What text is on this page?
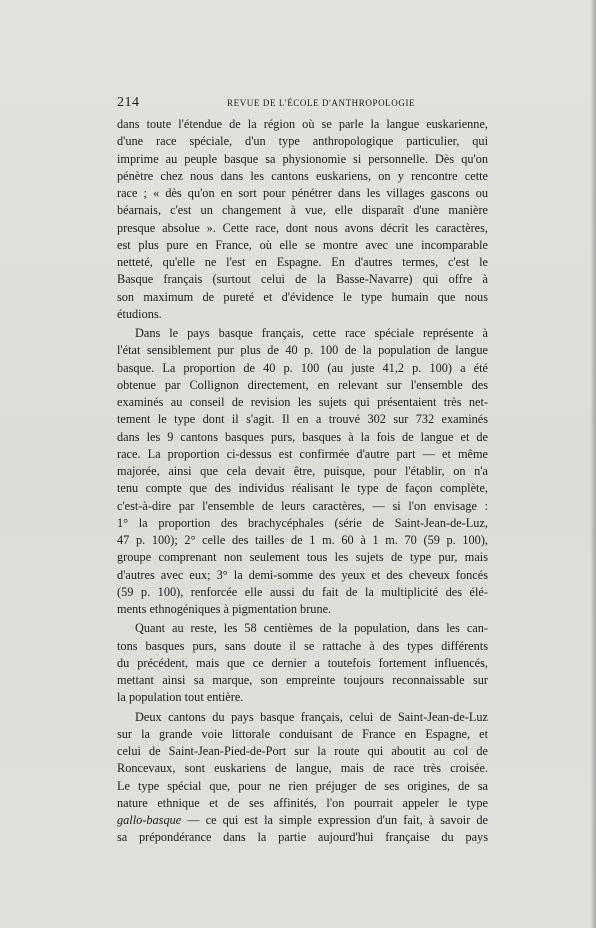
214	REVUE DE L'ÉCOLE D'ANTHROPOLOGIE
dans toute l'étendue de la région où se parle la langue euskarienne,
d'une race spéciale, d'un type anthropologique particulier, qui
imprime au peuple basque sa physionomie si personnelle. Dès qu'on
pénètre chez nous dans les cantons euskariens, on y rencontre cette
race ; « dès qu'on en sort pour pénétrer dans les villages gascons ou
béarnais, c'est un changement à vue, elle disparaît d'une manière
presque absolue ». Cette race, dont nous avons décrit les caractères,
est plus pure en France, où elle se montre avec une incomparable
netteté, qu'elle ne l'est en Espagne. En d'autres termes, c'est le
Basque français (surtout celui de la Basse-Navarre) qui offre à
son maximum de pureté et d'évidence le type humain que nous
étudions.
Dans le pays basque français, cette race spéciale représente à
l'état sensiblement pur plus de 40 p. 100 de la population de langue
basque. La proportion de 40 p. 100 (au juste 41,2 p. 100) a été
obtenue par Collignon directement, en relevant sur l'ensemble des
examinés au conseil de revision les sujets qui présentaient très net-
tement le type dont il s'agit. Il en a trouvé 302 sur 732 examinés
dans les 9 cantons basques purs, basques à la fois de langue et de
race. La proportion ci-dessus est confirmée d'autre part — et même
majorée, ainsi que cela devait être, puisque, pour l'établir, on n'a
tenu compte que des individus réalisant le type de façon complète,
c'est-à-dire par l'ensemble de leurs caractères, — si l'on envisage :
1° la proportion des brachycéphales (série de Saint-Jean-de-Luz,
47 p. 100); 2° celle des tailles de 1 m. 60 à 1 m. 70 (59 p. 100),
groupe comprenant non seulement tous les sujets de type pur, mais
d'autres avec eux; 3° la demi-somme des yeux et des cheveux foncés
(59 p. 100), renforcée elle aussi du fait de la multiplicité des élé-
ments ethnogéniques à pigmentation brune.
Quant au reste, les 58 centièmes de la population, dans les can-
tons basques purs, sans doute il se rattache à des types différents
du précédent, mais que ce dernier a toutefois fortement influencés,
mettant ainsi sa marque, son empreinte toujours reconnaissable sur
la population tout entière.
Deux cantons du pays basque français, celui de Saint-Jean-de-Luz
sur la grande voie littorale conduisant de France en Espagne, et
celui de Saint-Jean-Pied-de-Port sur la route qui aboutit au col de
Roncevaux, sont euskariens de langue, mais de race très croisée.
Le type spécial que, pour ne rien préjuger de ses origines, de sa
nature ethnique et de ses affinités, l'on pourrait appeler le type
gallo-basque — ce qui est la simple expression d'un fait, à savoir de
sa prépondérance dans la partie aujourd'hui française du pays
